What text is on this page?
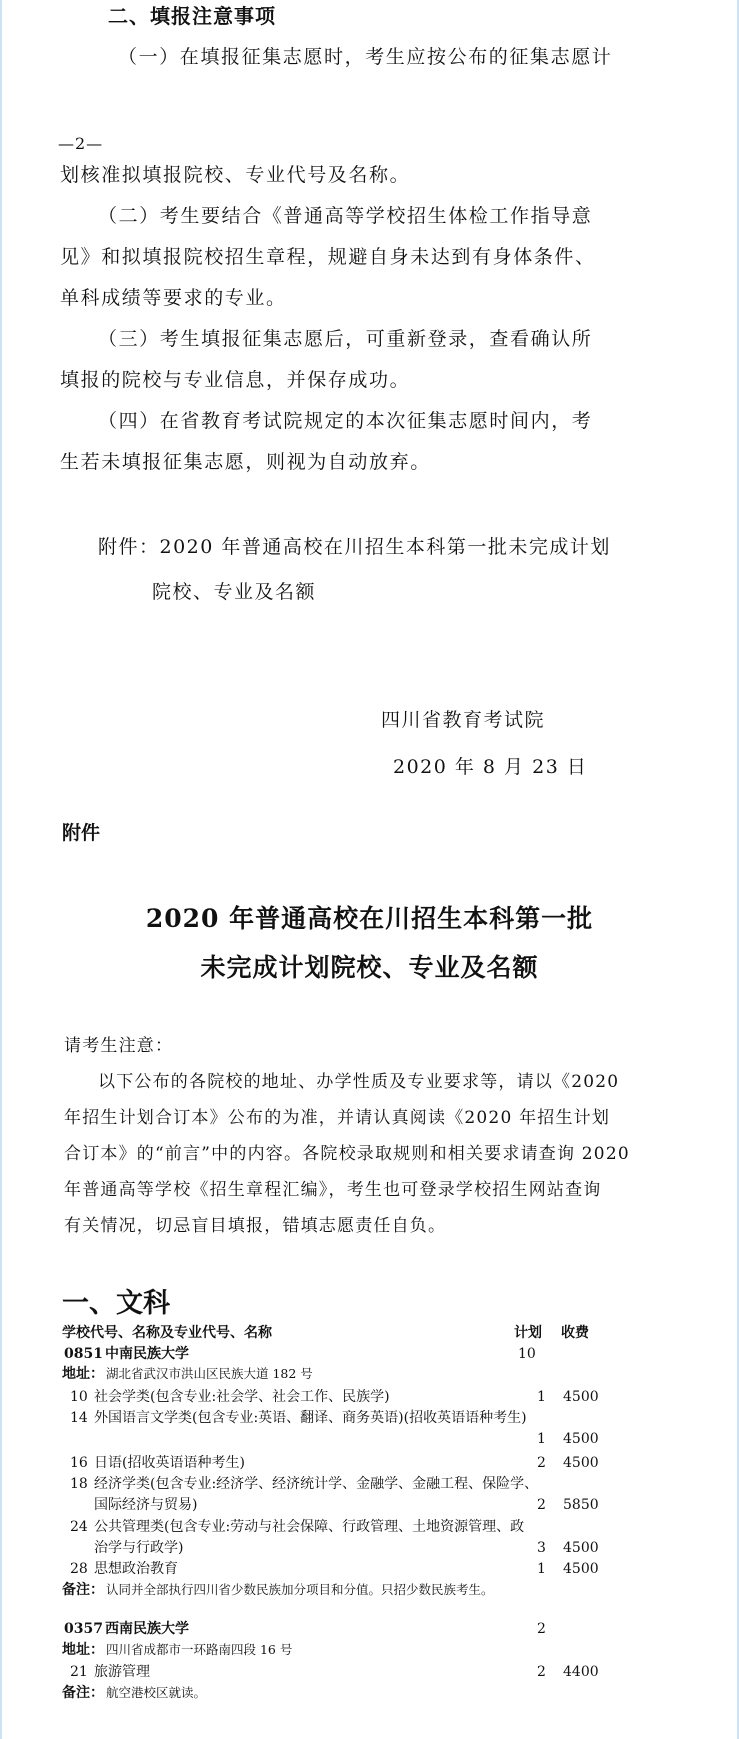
二、填报注意事项
（一）在填报征集志愿时，考生应按公布的征集志愿计
—2—
划核准拟填报院校、专业代号及名称。
（二）考生要结合《普通高等学校招生体检工作指导意
见》和拟填报院校招生章程，规避自身未达到有身体条件、
单科成绩等要求的专业。
（三）考生填报征集志愿后，可重新登录，查看确认所
填报的院校与专业信息，并保存成功。
（四）在省教育考试院规定的本次征集志愿时间内，考
生若未填报征集志愿，则视为自动放弃。
附件：2020 年普通高校在川招生本科第一批未完成计划
院校、专业及名额
四川省教育考试院
2020 年 8 月 23 日
附件
2020 年普通高校在川招生本科第一批
未完成计划院校、专业及名额
请考生注意：
以下公布的各院校的地址、办学性质及专业要求等，请以《2020
年招生计划合订本》公布的为准，并请认真阅读《2020 年招生计划
合订本》的“前言”中的内容。各院校录取规则和相关要求请查询 2020
年普通高等学校《招生章程汇编》，考生也可登录学校招生网站查询
有关情况，切忌盲目填报，错填志愿责任自负。
一、文科
学校代号、名称及专业代号、名称	计划 收费
0851 中南民族大学	10
地址： 湖北省武汉市洪山区民族大道 182 号
10 社会学类(包含专业:社会学、社会工作、民族学)	1 4500
14 外国语言文学类(包含专业:英语、翻译、商务英语)(招收英语语种考生)
1 4500
16 日语(招收英语语种考生)	2 4500
18 经济学类(包含专业:经济学、经济统计学、金融学、金融工程、保险学、
国际经济与贸易)	2 5850
24 公共管理类(包含专业:劳动与社会保障、行政管理、土地资源管理、政
治学与行政学)	3 4500
28 思想政治教育	1 4500
备注： 认同并全部执行四川省少数民族加分项目和分值。只招少数民族考生。
0357 西南民族大学	2
地址： 四川省成都市一环路南四段 16 号
21 旅游管理	2 4400
备注： 航空港校区就读。
